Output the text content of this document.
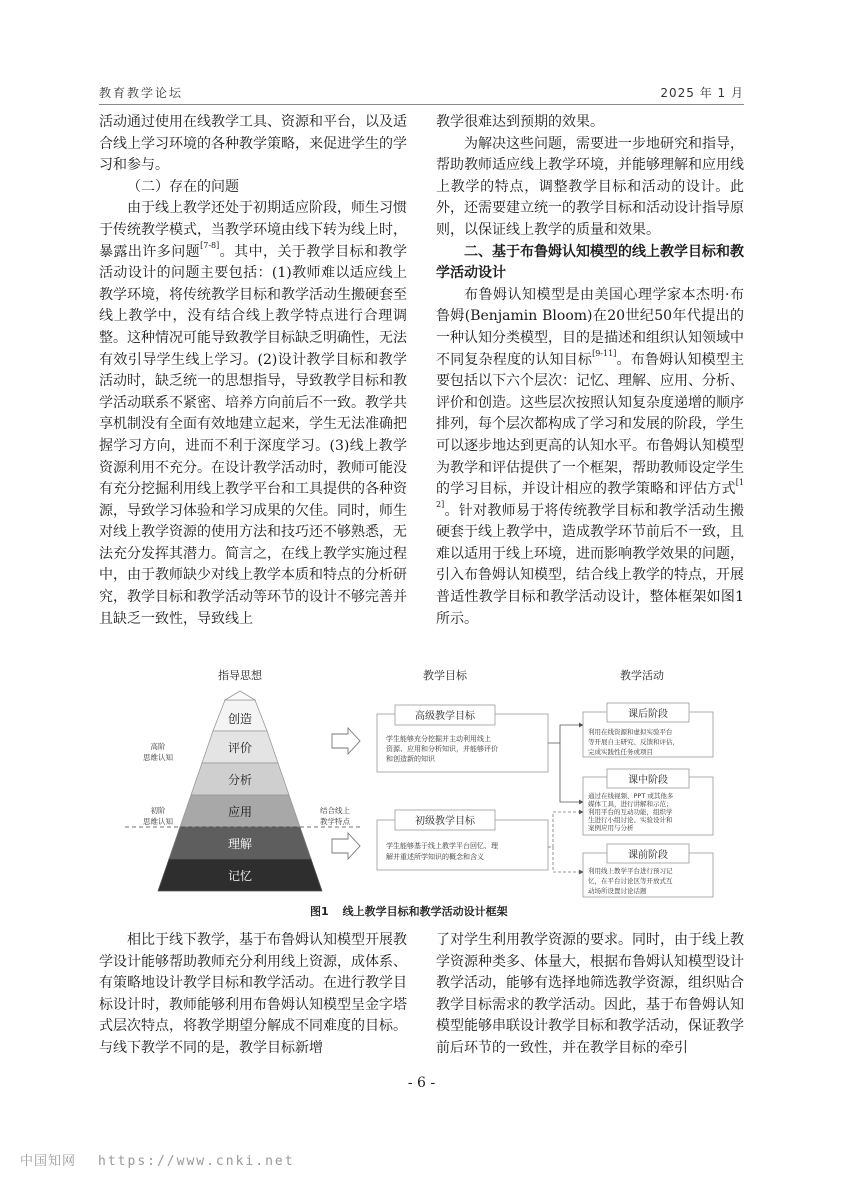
教育教学论坛	2025 年 1 月

活动通过使用在线教学工具、资源和平台，以及适合线上学习环境的各种教学策略，来促进学生的学习和参与。

（二）存在的问题

由于线上教学还处于初期适应阶段，师生习惯于传统教学模式，当教学环境由线下转为线上时，暴露出许多问题[7-8]。其中，关于教学目标和教学活动设计的问题主要包括：(1)教师难以适应线上教学环境，将传统教学目标和教学活动生搬硬套至线上教学中，没有结合线上教学特点进行合理调整。这种情况可能导致教学目标缺乏明确性，无法有效引导学生线上学习。(2)设计教学目标和教学活动时，缺乏统一的思想指导，导致教学目标和教学活动联系不紧密、培养方向前后不一致。教学共享机制没有全面有效地建立起来，学生无法准确把握学习方向，进而不利于深度学习。(3)线上教学资源利用不充分。在设计教学活动时，教师可能没有充分挖掘利用线上教学平台和工具提供的各种资源，导致学习体验和学习成果的欠佳。同时，师生对线上教学资源的使用方法和技巧还不够熟悉，无法充分发挥其潜力。简言之，在线上教学实施过程中，由于教师缺少对线上教学本质和特点的分析研究，教学目标和教学活动等环节的设计不够完善并且缺乏一致性，导致线上

教学很难达到预期的效果。

为解决这些问题，需要进一步地研究和指导，帮助教师适应线上教学环境，并能够理解和应用线上教学的特点，调整教学目标和活动的设计。此外，还需要建立统一的教学目标和活动设计指导原则，以保证线上教学的质量和效果。

二、基于布鲁姆认知模型的线上教学目标和教学活动设计

布鲁姆认知模型是由美国心理学家本杰明·布鲁姆(Benjamin Bloom)在20世纪50年代提出的一种认知分类模型，目的是描述和组织认知领域中不同复杂程度的认知目标[9-11]。布鲁姆认知模型主要包括以下六个层次：记忆、理解、应用、分析、评价和创造。这些层次按照认知复杂度递增的顺序排列，每个层次都构成了学习和发展的阶段，学生可以逐步地达到更高的认知水平。布鲁姆认知模型为教学和评估提供了一个框架，帮助教师设定学生的学习目标，并设计相应的教学策略和评估方式[12]。针对教师易于将传统教学目标和教学活动生搬硬套于线上教学中，造成教学环节前后不一致，且难以适用于线上环境，进而影响教学效果的问题，引入布鲁姆认知模型，结合线上教学的特点，开展普适性教学目标和教学活动设计，整体框架如图1所示。

指导思想	教学目标	教学活动
创造
评价
分析
应用
理解
记忆
高阶
思维认知
初阶
思维认知
结合线上
教学特点
高级教学目标
学生能够充分挖掘并主动利用线上
资源、应用和分析知识，并能够评价
和创造新的知识
初级教学目标
学生能够基于线上教学平台回忆、理
解并重述所学知识的概念和含义
课后阶段
利用在线资源和虚拟实验平台
等开展自主研究、反馈和评估，
完成实践性任务或项目
课中阶段
通过在线视频、PPT 或其他多
媒体工具，进行讲解和示范；
利用平台的互动功能，组织学
生进行小组讨论、实验设计和
案例应用与分析
课前阶段
利用线上教学平台进行预习记
忆，在平台讨论区等开放式互
动场所设置讨论话题
图1 线上教学目标和教学活动设计框架

相比于线下教学，基于布鲁姆认知模型开展教学设计能够帮助教师充分利用线上资源，成体系、有策略地设计教学目标和教学活动。在进行教学目标设计时，教师能够利用布鲁姆认知模型呈金字塔式层次特点，将教学期望分解成不同难度的目标。与线下教学不同的是，教学目标新增

了对学生利用教学资源的要求。同时，由于线上教学资源种类多、体量大，根据布鲁姆认知模型设计教学活动，能够有选择地筛选教学资源，组织贴合教学目标需求的教学活动。因此，基于布鲁姆认知模型能够串联设计教学目标和教学活动，保证教学前后环节的一致性，并在教学目标的牵引

- 6 -
中国知网 https://www.cnki.net
